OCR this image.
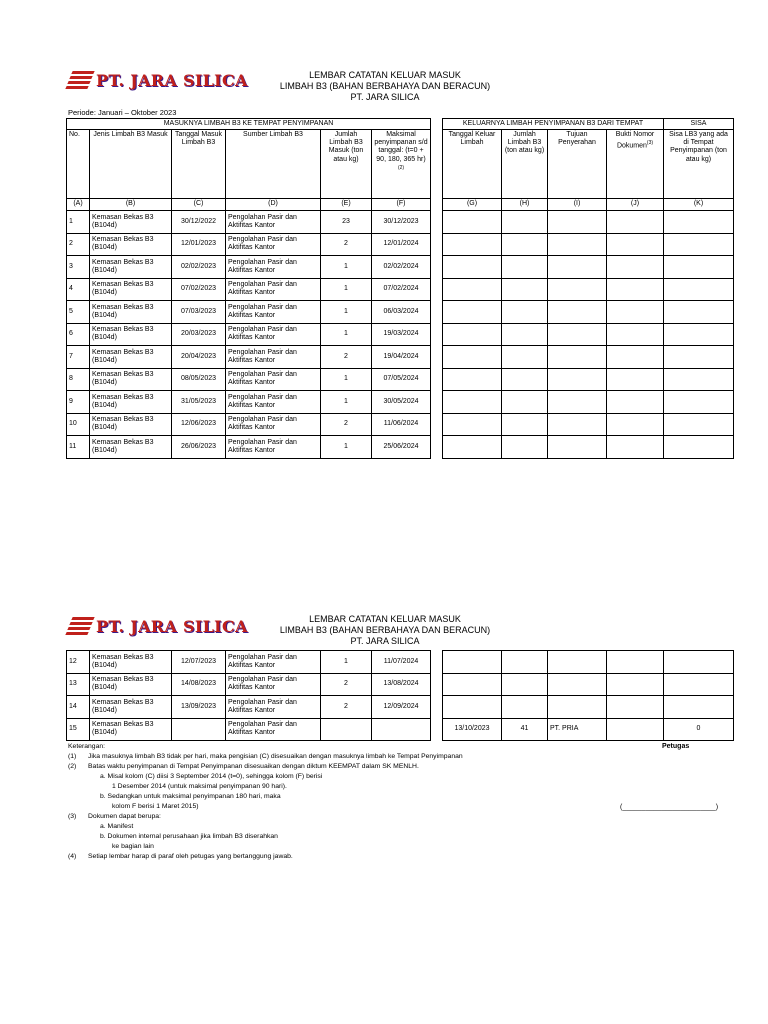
PT. JARA SILICA	LEMBAR CATATAN KELUAR MASUK
LIMBAH B3 (BAHAN BERBAHAYA DAN BERACUN)
PT. JARA SILICA
Periode: Januari – Oktober 2023
MASUKNYA LIMBAH B3 KE TEMPAT PENYIMPANAN							KELUARNYA LIMBAH PENYIMPANAN B3 DARI TEMPAT				SISA
No.	Jenis Limbah B3 Masuk	Tanggal Masuk Limbah B3	Sumber Limbah B3	Jumlah Limbah B3 Masuk (ton atau kg)	Maksimal penyimpanan s/d tanggal: (t=0 + 90, 180, 365 hr)$^{(2)}$		Tanggal Keluar Limbah	Jumlah Limbah B3 (ton atau kg)	Tujuan Penyerahan	Bukti Nomor Dokumen$^{(3)}$	Sisa LB3 yang ada di Tempat Penyimpanan (ton atau kg)
(A)	(B)	(C)	(D)	(E)	(F)		(G)	(H)	(I)	(J)	(K)
1	Kemasan Bekas B3 (B104d)	30/12/2022	Pengolahan Pasir dan Aktifitas Kantor	23	30/12/2023						
2	Kemasan Bekas B3 (B104d)	12/01/2023	Pengolahan Pasir dan Aktifitas Kantor	2	12/01/2024						
3	Kemasan Bekas B3 (B104d)	02/02/2023	Pengolahan Pasir dan Aktifitas Kantor	1	02/02/2024						
4	Kemasan Bekas B3 (B104d)	07/02/2023	Pengolahan Pasir dan Aktifitas Kantor	1	07/02/2024						
5	Kemasan Bekas B3 (B104d)	07/03/2023	Pengolahan Pasir dan Aktifitas Kantor	1	06/03/2024						
6	Kemasan Bekas B3 (B104d)	20/03/2023	Pengolahan Pasir dan Aktifitas Kantor	1	19/03/2024						
7	Kemasan Bekas B3 (B104d)	20/04/2023	Pengolahan Pasir dan Aktifitas Kantor	2	19/04/2024						
8	Kemasan Bekas B3 (B104d)	08/05/2023	Pengolahan Pasir dan Aktifitas Kantor	1	07/05/2024						
9	Kemasan Bekas B3 (B104d)	31/05/2023	Pengolahan Pasir dan Aktifitas Kantor	1	30/05/2024						
10	Kemasan Bekas B3 (B104d)	12/06/2023	Pengolahan Pasir dan Aktifitas Kantor	2	11/06/2024						
11	Kemasan Bekas B3 (B104d)	26/06/2023	Pengolahan Pasir dan Aktifitas Kantor	1	25/06/2024						
PT. JARA SILICA	LEMBAR CATATAN KELUAR MASUK
LIMBAH B3 (BAHAN BERBAHAYA DAN BERACUN)
PT. JARA SILICA
12	Kemasan Bekas B3 (B104d)	12/07/2023	Pengolahan Pasir dan Aktifitas Kantor	1	11/07/2024						
13	Kemasan Bekas B3 (B104d)	14/08/2023	Pengolahan Pasir dan Aktifitas Kantor	2	13/08/2024						
14	Kemasan Bekas B3 (B104d)	13/09/2023	Pengolahan Pasir dan Aktifitas Kantor	2	12/09/2024						
15	Kemasan Bekas B3 (B104d)		Pengolahan Pasir dan Aktifitas Kantor				13/10/2023	41	PT. PRIA		0
Petugas
(________________________)
Keterangan:
(1) Jika masuknya limbah B3 tidak per hari, maka pengisian (C) disesuaikan dengan masuknya limbah ke Tempat Penyimpanan
(2) Batas waktu penyimpanan di Tempat Penyimpanan disesuaikan dengan diktum KEEMPAT dalam SK MENLH.
a. Misal kolom (C) diisi 3 September 2014 (t=0), sehingga kolom (F) berisi
1 Desember 2014 (untuk maksimal penyimpanan 90 hari).
b. Sedangkan untuk maksimal penyimpanan 180 hari, maka
kolom F berisi 1 Maret 2015)
(3) Dokumen dapat berupa:
a. Manifest
b. Dokumen internal perusahaan jika limbah B3 diserahkan
ke bagian lain
(4) Setiap lembar harap di paraf oleh petugas yang bertanggung jawab.
